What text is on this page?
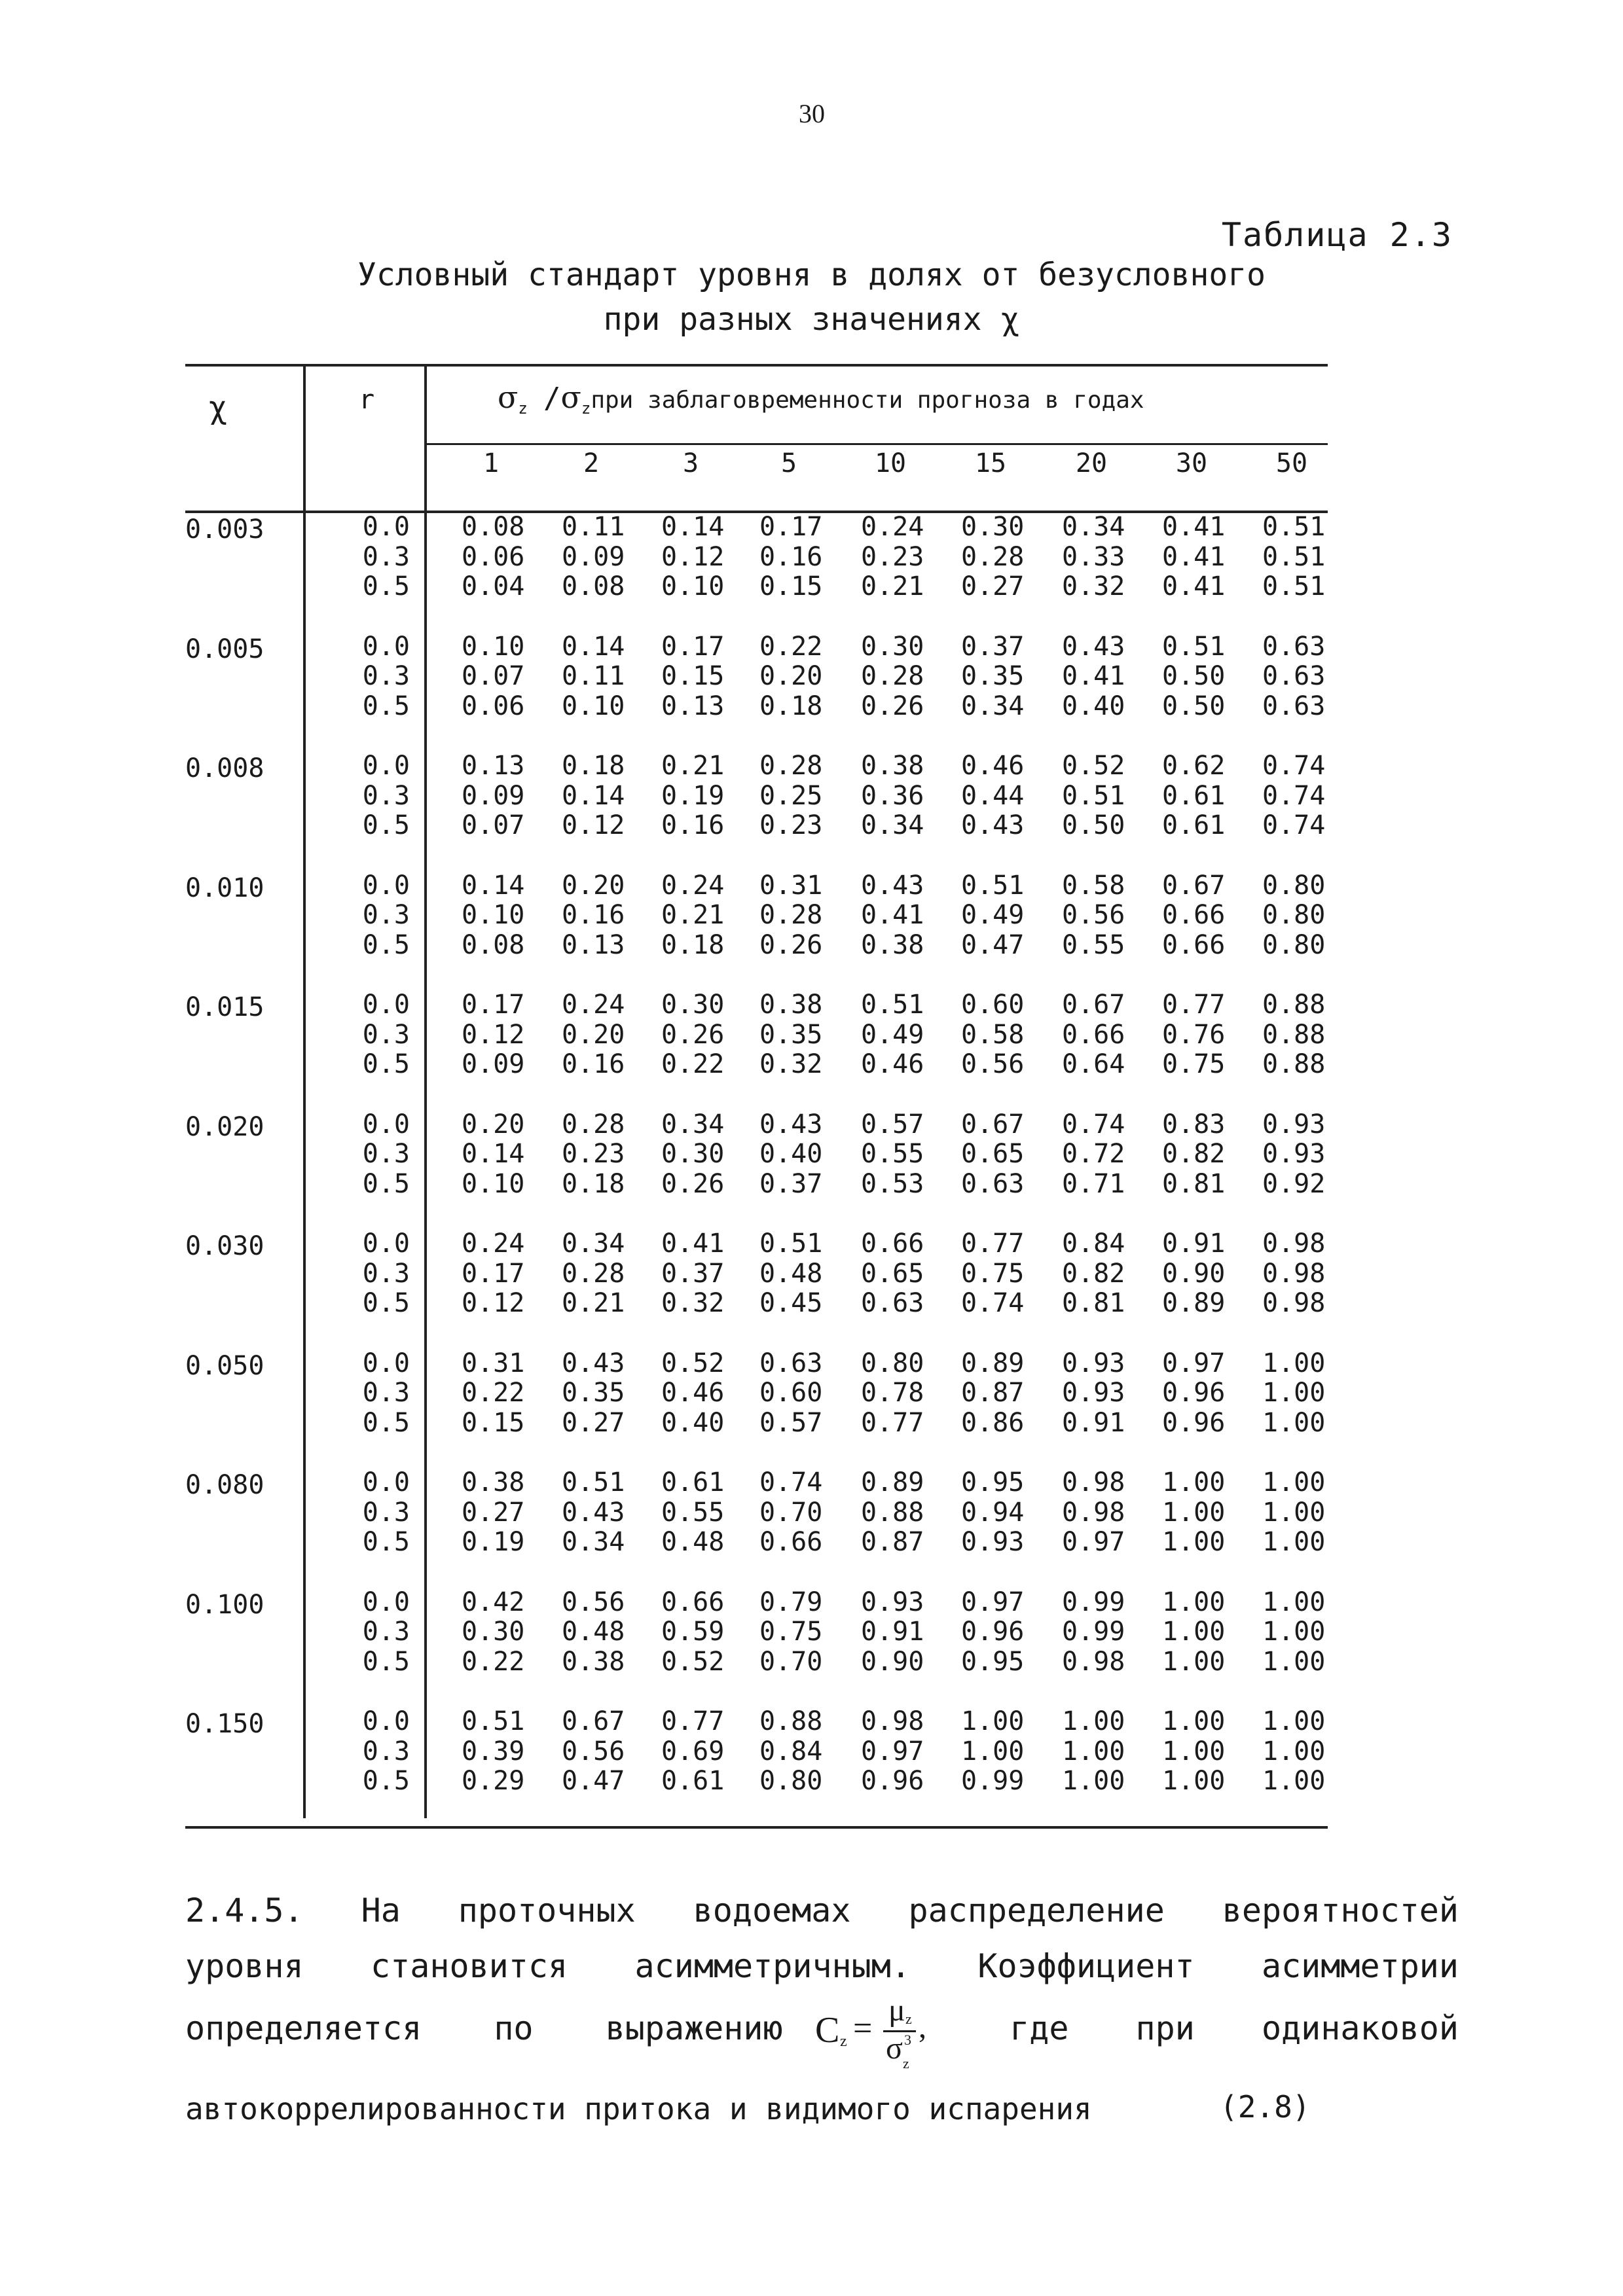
30
Таблица 2.3
Условный стандарт уровня в долях от безусловного
при разных значениях χ
χ	r	$\sigma_z$ $/\sigma_zпри$ заблаговременности прогноза в годах
1	2	3	5	10	15	20	30	50
0.003	0.0 0.08 0.11 0.14 0.17 0.24 0.30 0.34 0.41 0.51
0.3 0.06 0.09 0.12 0.16 0.23 0.28 0.33 0.41 0.51
0.5 0.04 0.08 0.10 0.15 0.21 0.27 0.32 0.41 0.51
0.005	0.0 0.10 0.14 0.17 0.22 0.30 0.37 0.43 0.51 0.63
0.3 0.07 0.11 0.15 0.20 0.28 0.35 0.41 0.50 0.63
0.5 0.06 0.10 0.13 0.18 0.26 0.34 0.40 0.50 0.63
0.008	0.0 0.13 0.18 0.21 0.28 0.38 0.46 0.52 0.62 0.74
0.3 0.09 0.14 0.19 0.25 0.36 0.44 0.51 0.61 0.74
0.5 0.07 0.12 0.16 0.23 0.34 0.43 0.50 0.61 0.74
0.010	0.0 0.14 0.20 0.24 0.31 0.43 0.51 0.58 0.67 0.80
0.3 0.10 0.16 0.21 0.28 0.41 0.49 0.56 0.66 0.80
0.5 0.08 0.13 0.18 0.26 0.38 0.47 0.55 0.66 0.80
0.015	0.0 0.17 0.24 0.30 0.38 0.51 0.60 0.67 0.77 0.88
0.3 0.12 0.20 0.26 0.35 0.49 0.58 0.66 0.76 0.88
0.5 0.09 0.16 0.22 0.32 0.46 0.56 0.64 0.75 0.88
0.020	0.0 0.20 0.28 0.34 0.43 0.57 0.67 0.74 0.83 0.93
0.3 0.14 0.23 0.30 0.40 0.55 0.65 0.72 0.82 0.93
0.5 0.10 0.18 0.26 0.37 0.53 0.63 0.71 0.81 0.92
0.030	0.0 0.24 0.34 0.41 0.51 0.66 0.77 0.84 0.91 0.98
0.3 0.17 0.28 0.37 0.48 0.65 0.75 0.82 0.90 0.98
0.5 0.12 0.21 0.32 0.45 0.63 0.74 0.81 0.89 0.98
0.050	0.0 0.31 0.43 0.52 0.63 0.80 0.89 0.93 0.97 1.00
0.3 0.22 0.35 0.46 0.60 0.78 0.87 0.93 0.96 1.00
0.5 0.15 0.27 0.40 0.57 0.77 0.86 0.91 0.96 1.00
0.080	0.0 0.38 0.51 0.61 0.74 0.89 0.95 0.98 1.00 1.00
0.3 0.27 0.43 0.55 0.70 0.88 0.94 0.98 1.00 1.00
0.5 0.19 0.34 0.48 0.66 0.87 0.93 0.97 1.00 1.00
0.100	0.0 0.42 0.56 0.66 0.79 0.93 0.97 0.99 1.00 1.00
0.3 0.30 0.48 0.59 0.75 0.91 0.96 0.99 1.00 1.00
0.5 0.22 0.38 0.52 0.70 0.90 0.95 0.98 1.00 1.00
0.150	0.0 0.51 0.67 0.77 0.88 0.98 1.00 1.00 1.00 1.00
0.3 0.39 0.56 0.69 0.84 0.97 1.00 1.00 1.00 1.00
0.5 0.29 0.47 0.61 0.80 0.96 0.99 1.00 1.00 1.00
2.4.5. На проточных водоемах распределение вероятностей
уровня становится асимметричным. Коэффициент асимметрии
определяется по выражению C z = μ z
σ 3
z
,	где при одинаковой
автокоррелированности притока и видимого испарения	(2.8)
